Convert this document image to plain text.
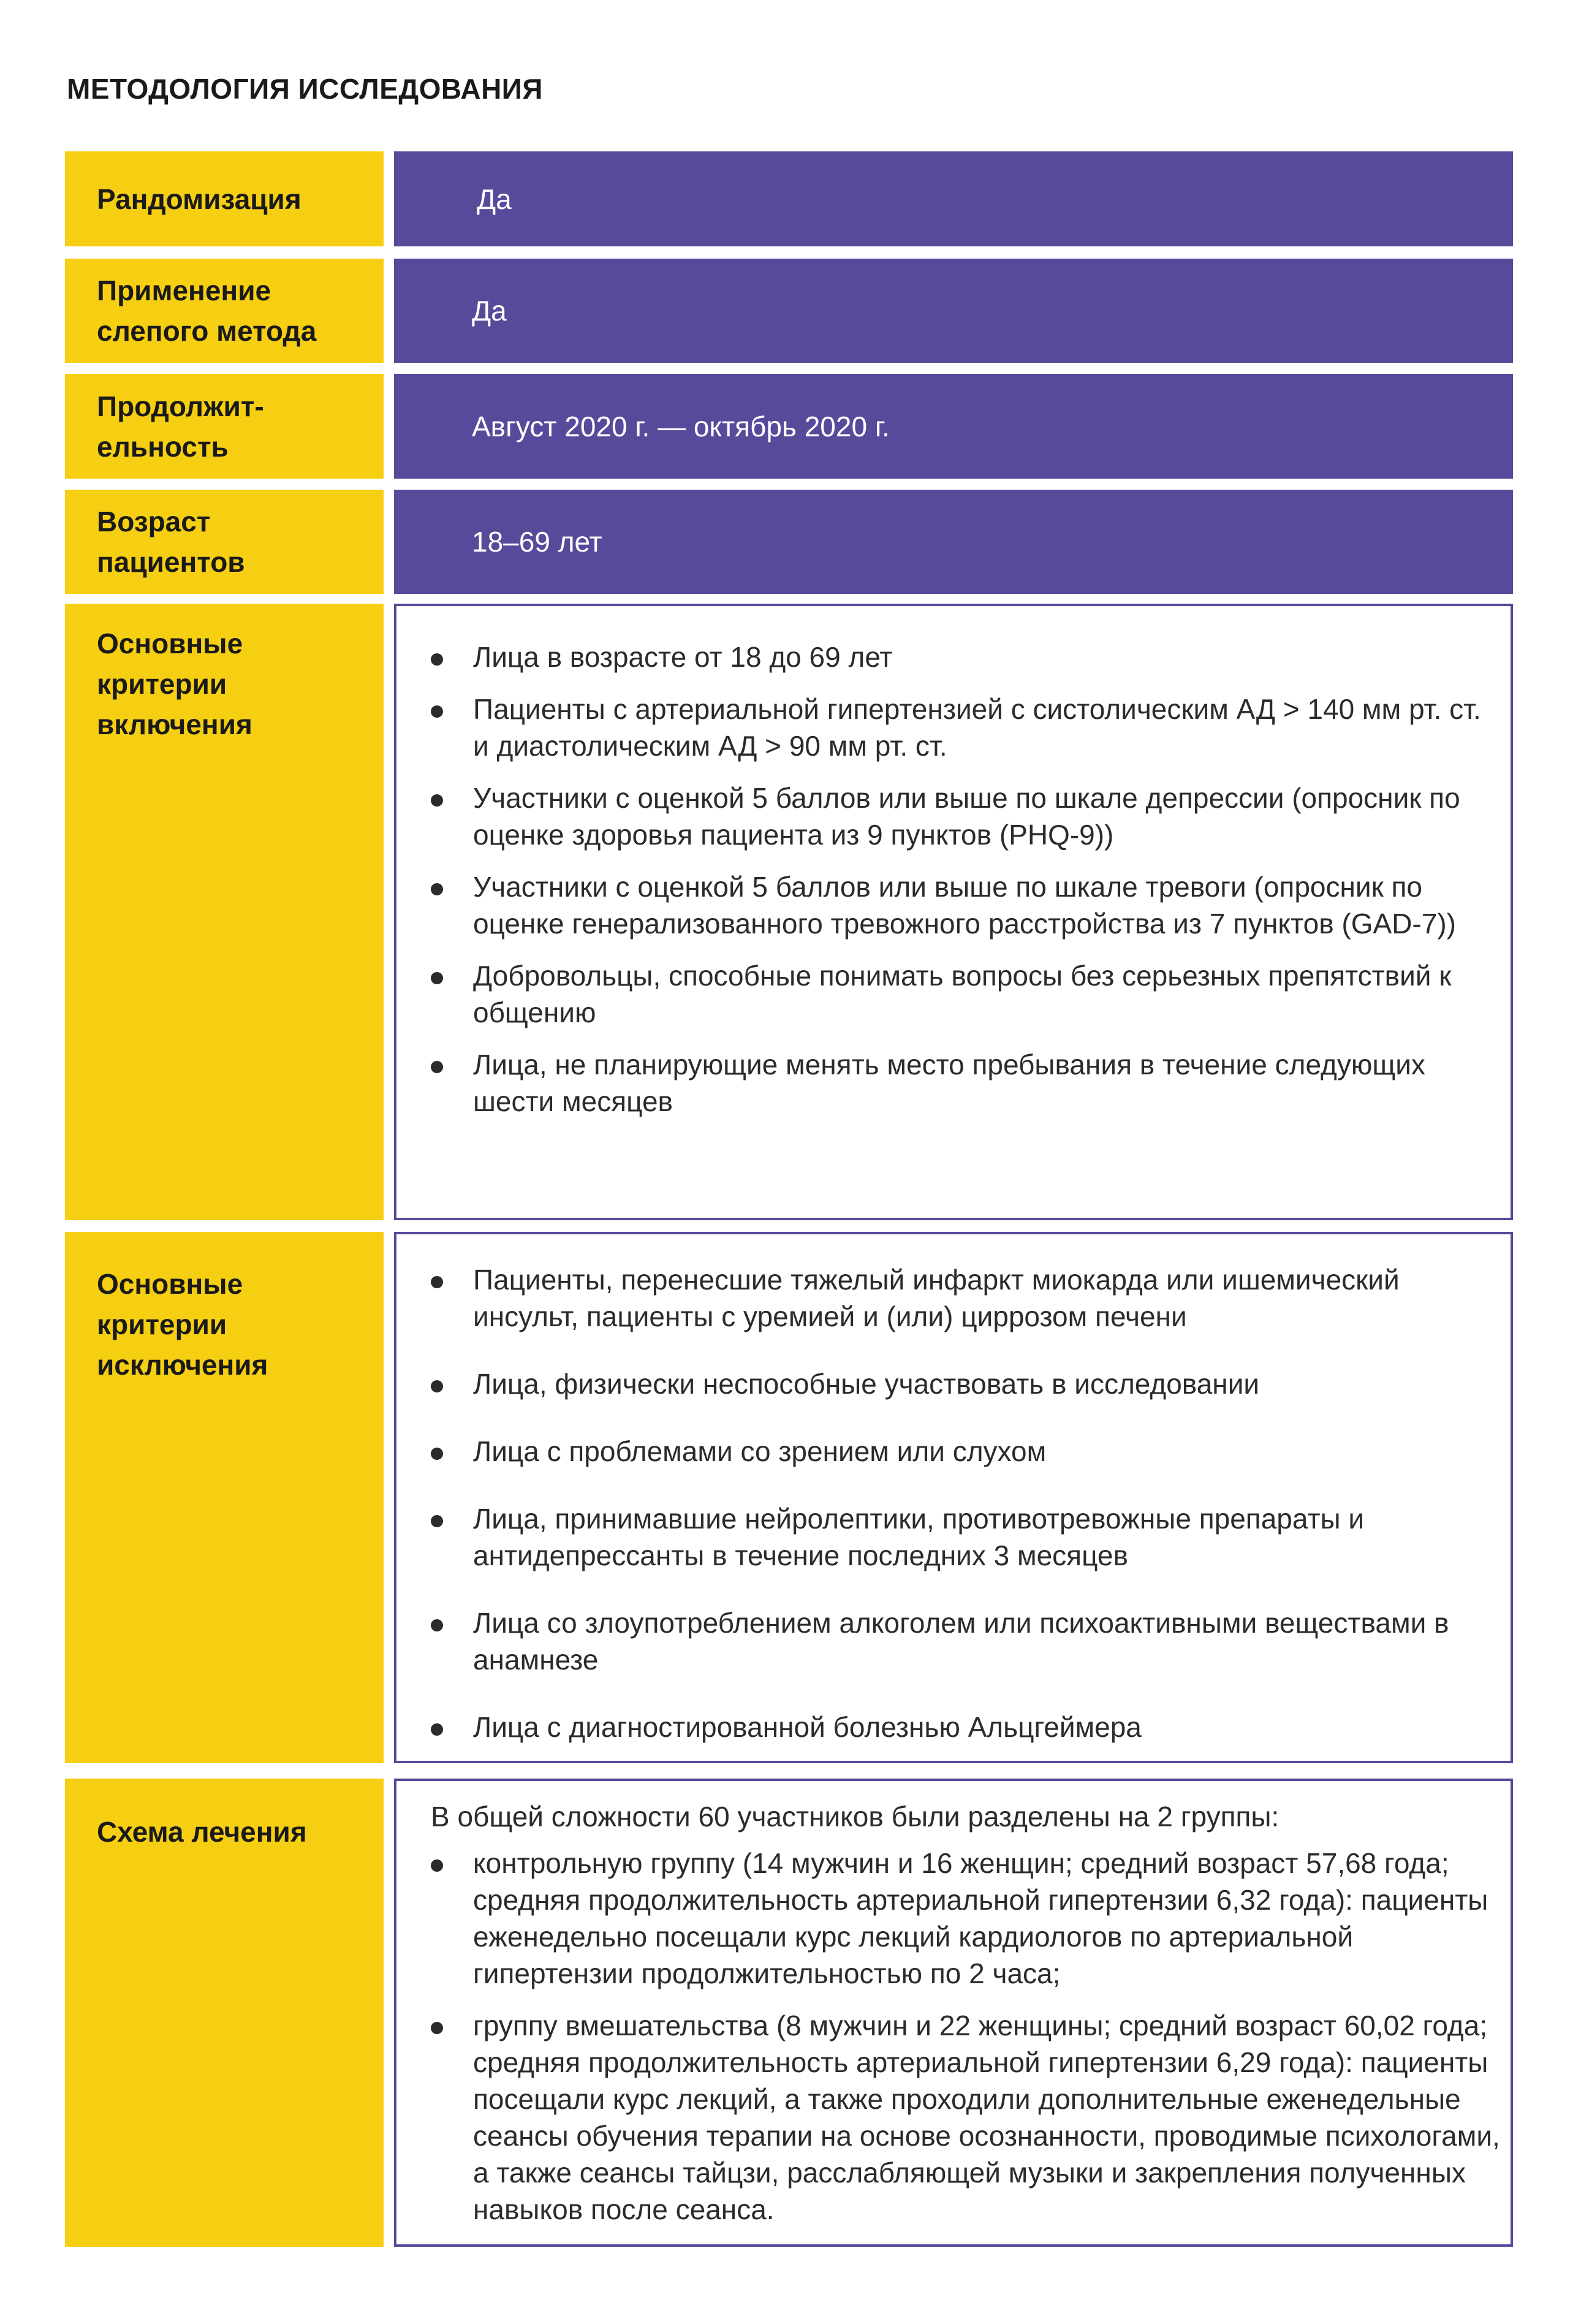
МЕТОДОЛОГИЯ ИССЛЕДОВАНИЯ
Рандомизация	Да
Применение слепого метода
Да
Продолжит-ельность
Август 2020 г. — октябрь 2020 г.
Возраст пациентов
18–69 лет
Основные критерии включения
Лица в возрасте от 18 до 69 лет
Пациенты с артериальной гипертензией с систолическим АД > 140 мм рт. ст. и диастолическим АД > 90 мм рт. ст.
Участники с оценкой 5 баллов или выше по шкале депрессии (опросник по оценке здоровья пациента из 9 пунктов (PHQ-9))
Участники с оценкой 5 баллов или выше по шкале тревоги (опросник по оценке генерализованного тревожного расстройства из 7 пунктов (GAD-7))
Добровольцы, способные понимать вопросы без серьезных препятствий к общению
Лица, не планирующие менять место пребывания в течение следующих шести месяцев
Основные критерии исключения
Пациенты, перенесшие тяжелый инфаркт миокарда или ишемический инсульт, пациенты с уремией и (или) циррозом печени
Лица, физически неспособные участвовать в исследовании
Лица с проблемами со зрением или слухом
Лица, принимавшие нейролептики, противотревожные препараты и антидепрессанты в течение последних 3 месяцев
Лица со злоупотреблением алкоголем или психоактивными веществами в анамнезе
Лица с диагностированной болезнью Альцгеймера
Схема лечения	В общей сложности 60 участников были разделены на 2 группы:
контрольную группу (14 мужчин и 16 женщин; средний возраст 57,68 года; средняя продолжительность артериальной гипертензии 6,32 года): пациенты еженедельно посещали курс лекций кардиологов по артериальной гипертензии продолжительностью по 2 часа;
группу вмешательства (8 мужчин и 22 женщины; средний возраст 60,02 года; средняя продолжительность артериальной гипертензии 6,29 года): пациенты посещали курс лекций, а также проходили дополнительные еженедельные сеансы обучения терапии на основе осознанности, проводимые психологами, а также сеансы тайцзи, расслабляющей музыки и закрепления полученных навыков после сеанса.
